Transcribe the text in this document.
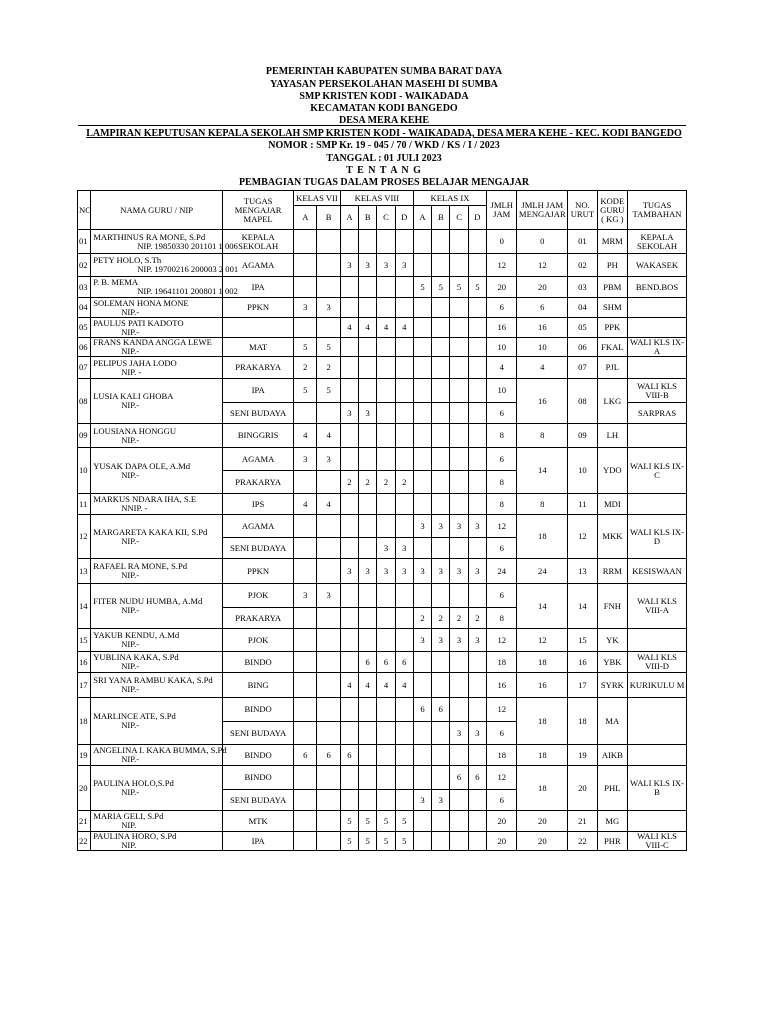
PEMERINTAH KABUPATEN SUMBA BARAT DAYA
YAYASAN PERSEKOLAHAN MASEHI DI SUMBA
SMP KRISTEN KODI - WAIKADADA
KECAMATAN KODI BANGEDO
DESA MERA KEHE
LAMPIRAN KEPUTUSAN KEPALA SEKOLAH SMP KRISTEN KODI - WAIKADADA, DESA MERA KEHE - KEC. KODI BANGEDO
NOMOR : SMP Kr. 19 - 045 / 70 / WKD / KS / I / 2023
TANGGAL : 01 JULI 2023
T E N T A N G
PEMBAGIAN TUGAS DALAM PROSES BELAJAR MENGAJAR
NO	NAMA GURU / NIP	TUGAS MENGAJAR MAPEL	KELAS VII		KELAS VIII				KELAS IX				JMLH JAM	JMLH JAM MENGAJAR	NO. URUT	KODE GURU ( KG )	TUGAS TAMBAHAN
			A	B	A	B	C	D	A	B	C	D					
01	MARTHINUS RA MONE, S.Pd
NIP. 19850330 201101 1 006	KEPALA SEKOLAH											0	0	01	MRM	KEPALA SEKOLAH
02	PETY HOLO, S.Th
NIP. 19700216 200003 2 001	AGAMA			3	3	3	3					12	12	02	PH	WAKASEK
03	P. B. MEMA
NIP. 19641101 200801 1 002	IPA							5	5	5	5	20	20	03	PBM	BEND.BOS
04	SOLEMAN HONA MONE
NIP.-	PPKN	3	3									6	6	04	SHM	
05	PAULUS PATI KADOTO
NIP.-				4	4	4	4					16	16	05	PPK	
06	FRANS KANDA ANGGA LEWE
NIP.-	MAT	5	5									10	10	06	FKAL	WALI KLS IX-A
07	PELIPUS JAHA LODO
NIP. -	PRAKARYA	2	2									4	4	07	PJL	
08	LUSIA KALI GHOBA
NIP.-	IPA	5	5									10	16	08	LKG	WALI KLS VIII-B
		SENI BUDAYA			3	3							6				SARPRAS
09	LOUSIANA HONGGU
NIP.-	BINGGRIS	4	4									8	8	09	LH	
10	YUSAK DAPA OLE, A.Md
NIP.-	AGAMA	3	3									6	14	10	YDO	WALI KLS IX-C
		PRAKARYA			2	2	2	2					8				
11	MARKUS NDARA IHA, S.E
NNIP. -	IPS	4	4									8	8	11	MDI	
12	MARGARETA KAKA KII, S.Pd
NIP.-	AGAMA							3	3	3	3	12	18	12	MKK	WALI KLS IX-D
		SENI BUDAYA					3	3					6				
13	RAFAEL RA MONE, S.Pd
NIP.-	PPKN			3	3	3	3	3	3	3	3	24	24	13	RRM	KESISWAAN
14	FITER NUDU HUMBA, A.Md
NIP.-	PJOK	3	3									6	14	14	FNH	WALI KLS VIII-A
		PRAKARYA							2	2	2	2	8				
15	YAKUB KENDU, A.Md
NIP.-	PJOK							3	3	3	3	12	12	15	YK	
16	YUBLINA KAKA, S.Pd
NIP.-	BINDO				6	6	6					18	18	16	YBK	WALI KLS VIII-D
17	SRI YANA RAMBU KAKA, S.Pd
NIP.-	BING			4	4	4	4					16	16	17	SYRK	KURIKULU M
18	MARLINCE ATE, S.Pd
NIP.-	BINDO							6	6			12	18	18	MA	
		SENI BUDAYA									3	3	6				
19	ANGELINA I. KAKA BUMMA, S.Pd
NIP.-	BINDO	6	6	6								18	18	19	AIKB	
20	PAULINA HOLO,S.Pd
NIP.-	BINDO									6	6	12	18	20	PHL	WALI KLS IX-B
		SENI BUDAYA							3	3			6				
21	MARIA GELI, S.Pd
NIP.	MTK			5	5	5	5					20	20	21	MG	
22	PAULINA HORO, S.Pd
NIP.	IPA			5	5	5	5					20	20	22	PHR	WALI KLS VIII-C
